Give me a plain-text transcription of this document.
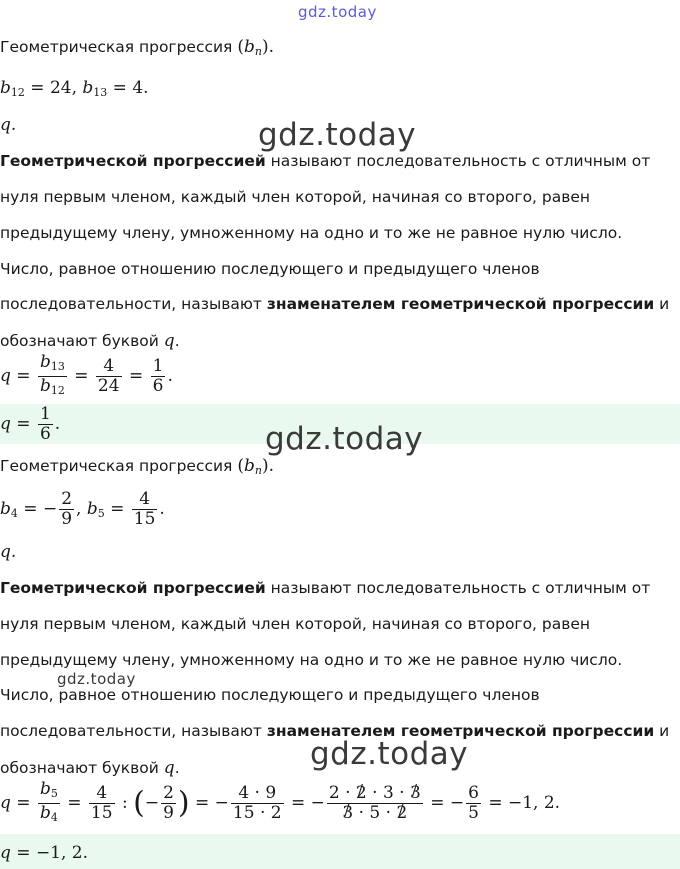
gdz.today
gdz.today
gdz.today
gdz.today
gdz.today
Геометрическая прогрессия $(b_n)$.
$b_{12} = 24$, $b_{13} = 4$.
q.
Геометрической прогрессией называют последовательность с отличным от
нуля первым членом, каждый член которой, начиная со второго, равен
предыдущему члену, умноженному на одно и то же не равное нулю число.
Число, равное отношению последующего и предыдущего членов
последовательности, называют знаменателем геометрической прогрессии и
обозначают буквой q.
$q = \frac{b_{13}}{b_{12}} = \frac{4}{24} = \frac{1}{6}$ .
$q = \frac{1}{6}$ .
Геометрическая прогрессия $(b_n)$.
$b_4$ = − $\frac{2}{9}$ , $b_5 = \frac{4}{15}$ .
q.
Геометрической прогрессией называют последовательность с отличным от
нуля первым членом, каждый член которой, начиная со второго, равен
предыдущему члену, умноженному на одно и то же не равное нулю число.
Число, равное отношению последующего и предыдущего членов
последовательности, называют знаменателем геометрической прогрессии и
обозначают буквой q.
$q = \frac{b_5}{b_4} = \frac{4}{15}$ : (− $\frac{2}{9}$ ) = − $\frac{4 \cdot 9}{15 \cdot 2}$ = − $\frac{2 \cdot 2 / \cdot 3 \cdot 3 /}{3 / \cdot 5 \cdot 2}$ / = − $\frac{6}{5} = -1$, 2.
q = −1, 2.
